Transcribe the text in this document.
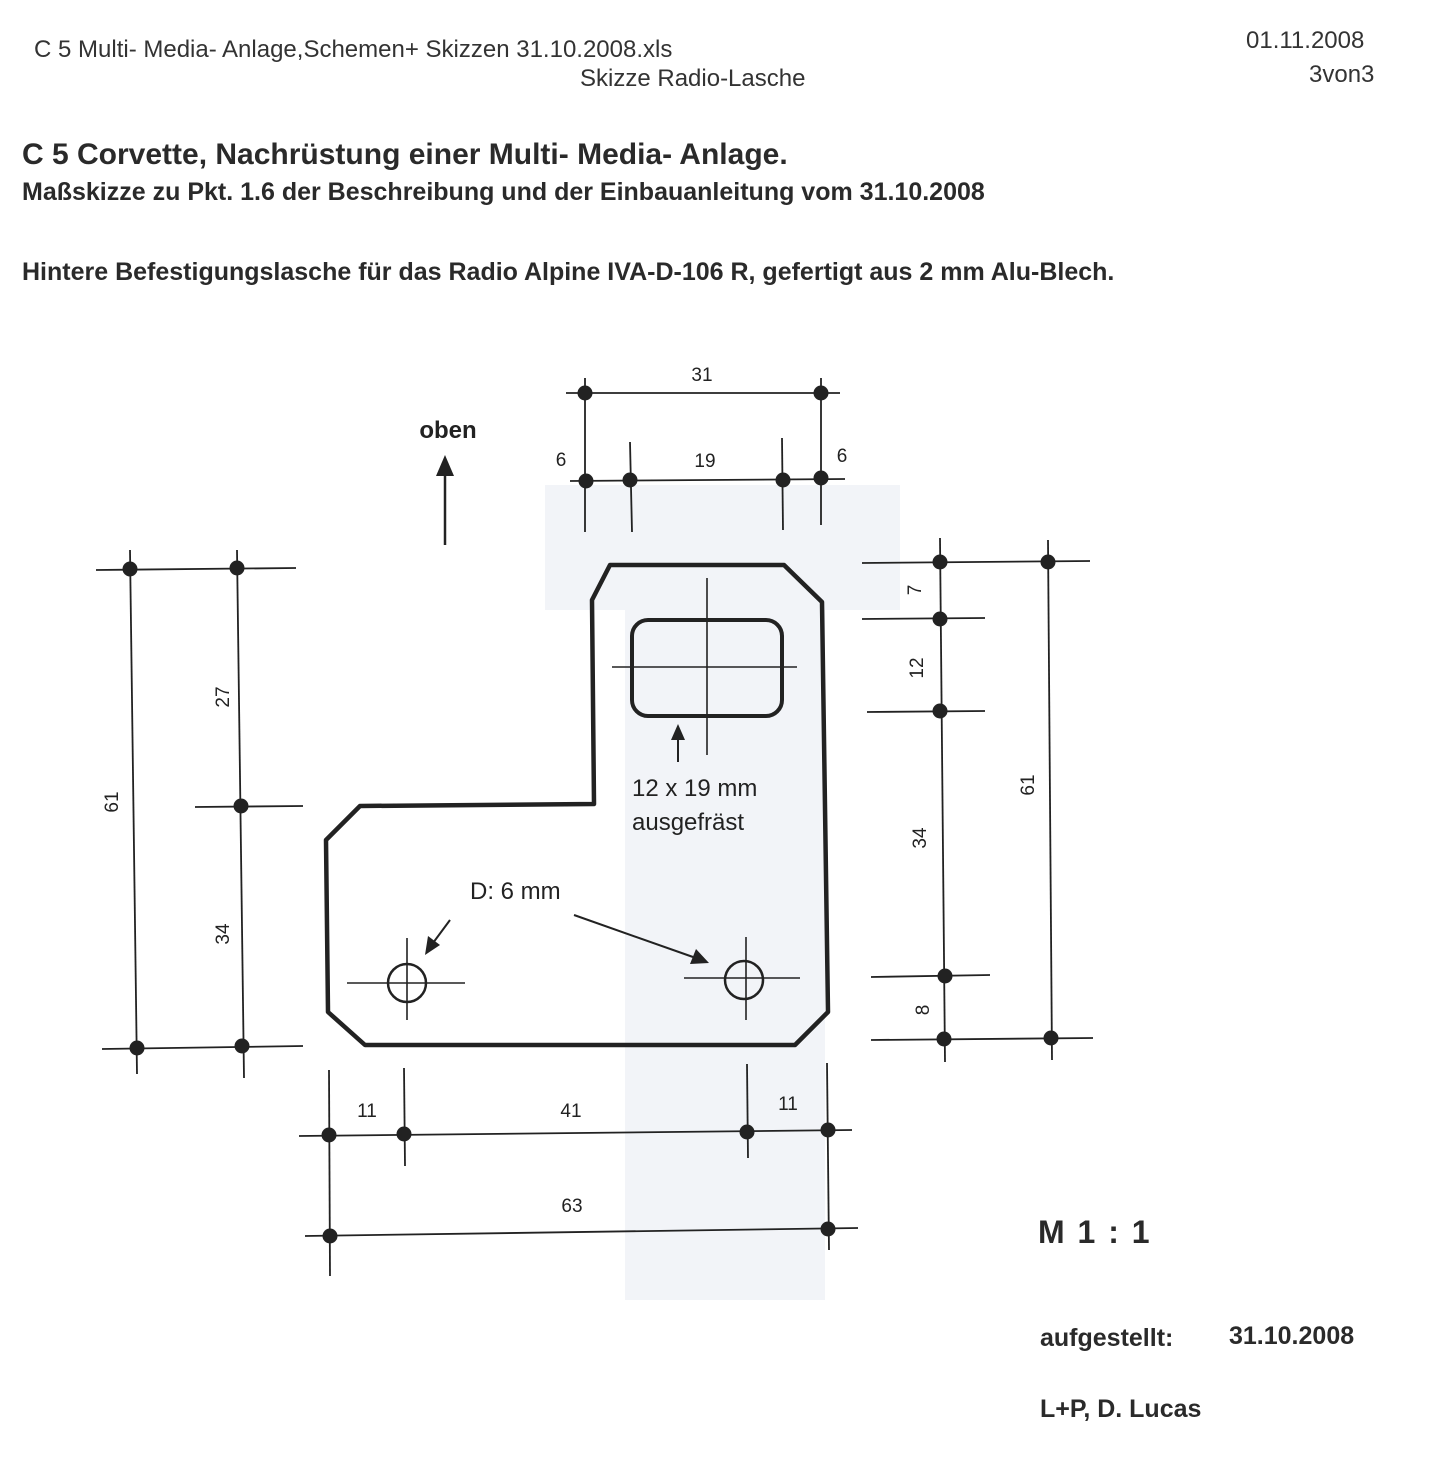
C 5 Multi- Media- Anlage,Schemen+ Skizzen 31.10.2008.xls
Skizze Radio-Lasche
01.11.2008
3von3
C 5 Corvette, Nachrüstung einer Multi- Media- Anlage.
Maßskizze zu Pkt. 1.6 der Beschreibung und der Einbauanleitung vom 31.10.2008
Hintere Befestigungslasche für das Radio Alpine IVA-D-106 R, gefertigt aus 2 mm Alu-Blech.
oben
12 x 19 mm
ausgefräst
D: 6 mm
31
6	19	6
61
27
34
7
12
34
8
61
11	41	11
63
M 1 : 1
aufgestellt: 31.10.2008
L+P, D. Lucas
